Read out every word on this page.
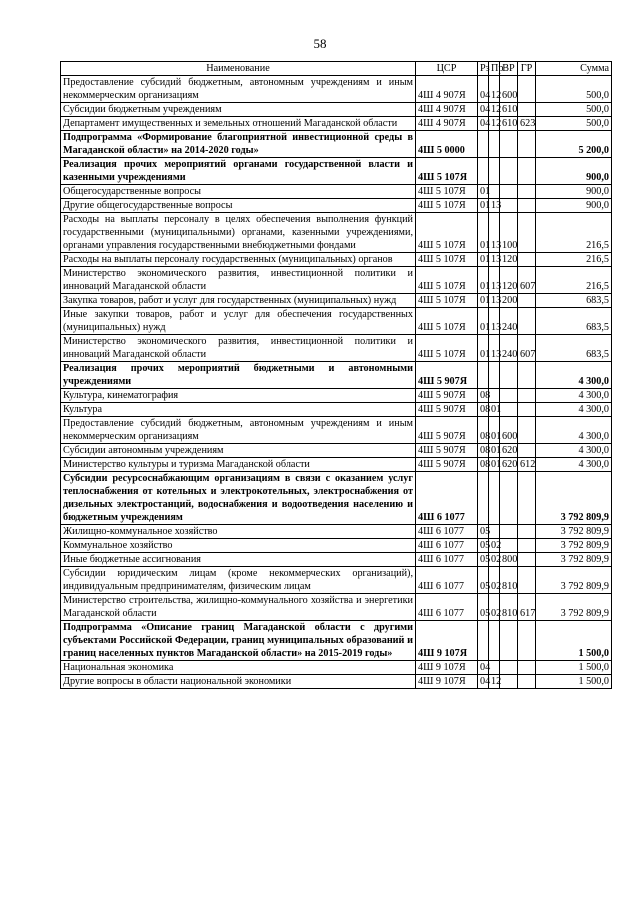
58
Наименование	ЦСР	Рз	Пр	ВР	ГР	Сумма
Предоставление субсидий бюджетным, автономным учреждениям и иным некоммерческим организациям	4Ш 4 907Я	04	12	600		500,0
Субсидии бюджетным учреждениям	4Ш 4 907Я	04	12	610		500,0
Департамент имущественных и земельных отношений Магаданской области	4Ш 4 907Я	04	12	610	623	500,0
Подпрограмма «Формирование благоприятной инвестиционной среды в Магаданской области» на 2014-2020 годы»	4Ш 5 0000					5 200,0
Реализация прочих мероприятий органами государственной власти и казенными учреждениями	4Ш 5 107Я					900,0
Общегосударственные вопросы	4Ш 5 107Я	01				900,0
Другие общегосударственные вопросы	4Ш 5 107Я	01	13			900,0
Расходы на выплаты персоналу в целях обеспечения выполнения функций государственными (муниципальными) органами, казенными учреждениями, органами управления государственными внебюджетными фондами	4Ш 5 107Я	01	13	100		216,5
Расходы на выплаты персоналу государственных (муниципальных) органов	4Ш 5 107Я	01	13	120		216,5
Министерство экономического развития, инвестиционной политики и инноваций Магаданской области	4Ш 5 107Я	01	13	120	607	216,5
Закупка товаров, работ и услуг для государственных (муниципальных) нужд	4Ш 5 107Я	01	13	200		683,5
Иные закупки товаров, работ и услуг для обеспечения государственных (муниципальных) нужд	4Ш 5 107Я	01	13	240		683,5
Министерство экономического развития, инвестиционной политики и инноваций Магаданской области	4Ш 5 107Я	01	13	240	607	683,5
Реализация прочих мероприятий бюджетными и автономными учреждениями	4Ш 5 907Я					4 300,0
Культура, кинематография	4Ш 5 907Я	08				4 300,0
Культура	4Ш 5 907Я	08	01			4 300,0
Предоставление субсидий бюджетным, автономным учреждениям и иным некоммерческим организациям	4Ш 5 907Я	08	01	600		4 300,0
Субсидии автономным учреждениям	4Ш 5 907Я	08	01	620		4 300,0
Министерство культуры и туризма Магаданской области	4Ш 5 907Я	08	01	620	612	4 300,0
Субсидии ресурсоснабжающим организациям в связи с оказанием услуг теплоснабжения от котельных и электрокотельных, электроснабжения от дизельных электростанций, водоснабжения и водоотведения населению и бюджетным учреждениям	4Ш 6 1077					3 792 809,9
Жилищно-коммунальное хозяйство	4Ш 6 1077	05				3 792 809,9
Коммунальное хозяйство	4Ш 6 1077	05	02			3 792 809,9
Иные бюджетные ассигнования	4Ш 6 1077	05	02	800		3 792 809,9
Субсидии юридическим лицам (кроме некоммерческих организаций), индивидуальным предпринимателям, физическим лицам	4Ш 6 1077	05	02	810		3 792 809,9
Министерство строительства, жилищно-коммунального хозяйства и энергетики Магаданской области	4Ш 6 1077	05	02	810	617	3 792 809,9
Подпрограмма «Описание границ Магаданской области с другими субъектами Российской Федерации, границ муниципальных образований и границ населенных пунктов Магаданской области» на 2015-2019 годы»	4Ш 9 107Я					1 500,0
Национальная экономика	4Ш 9 107Я	04				1 500,0
Другие вопросы в области национальной экономики	4Ш 9 107Я	04	12			1 500,0
